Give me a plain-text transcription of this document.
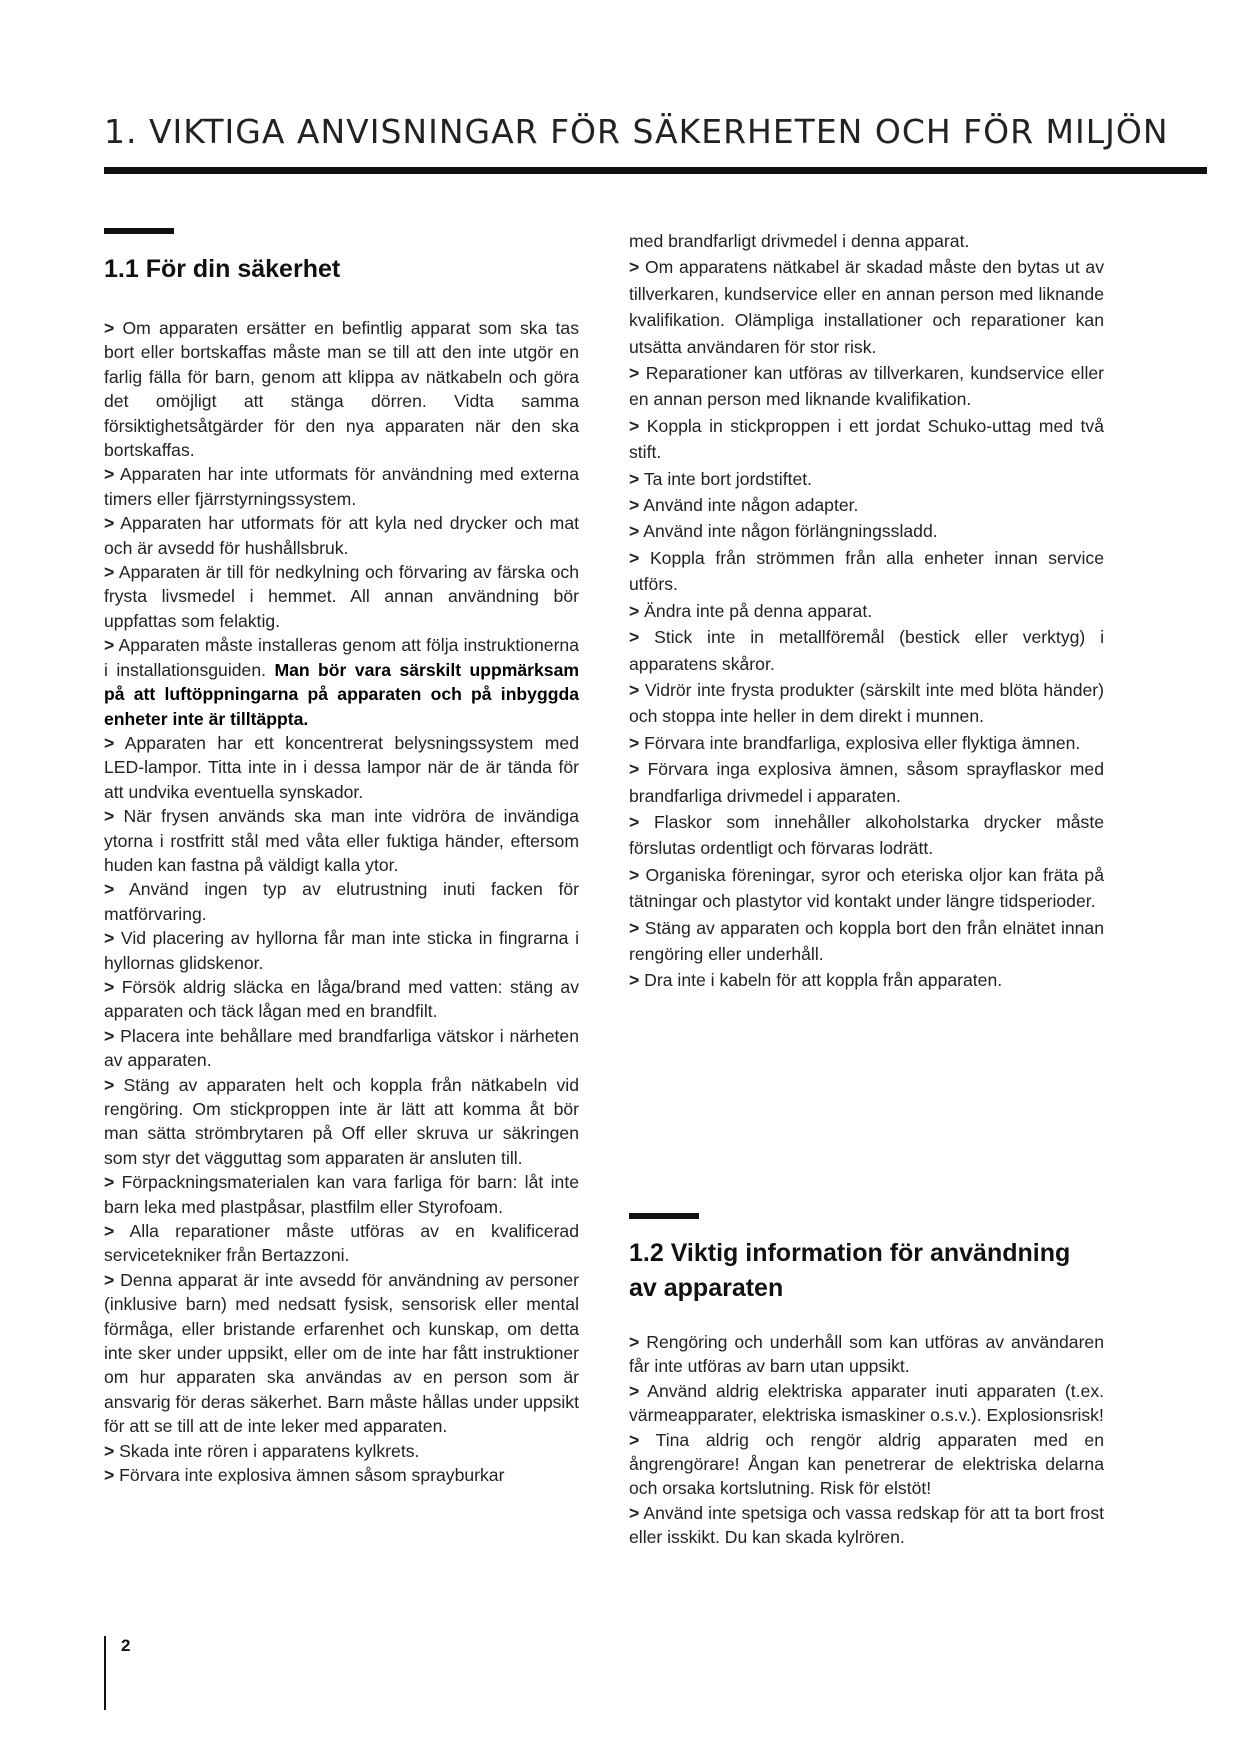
1. VIKTIGA ANVISNINGAR FÖR SÄKERHETEN OCH FÖR MILJÖN
1.1 För din säkerhet
> Om apparaten ersätter en befintlig apparat som ska tas bort eller bortskaffas måste man se till att den inte utgör en farlig fälla för barn, genom att klippa av nätkabeln och göra det omöjligt att stänga dörren. Vidta samma försiktighetsåtgärder för den nya apparaten när den ska bortskaffas.
> Apparaten har inte utformats för användning med externa timers eller fjärrstyrningssystem.
> Apparaten har utformats för att kyla ned drycker och mat och är avsedd för hushållsbruk.
> Apparaten är till för nedkylning och förvaring av färska och frysta livsmedel i hemmet. All annan användning bör uppfattas som felaktig.
> Apparaten måste installeras genom att följa instruktionerna i installationsguiden. Man bör vara särskilt uppmärksam på att luftöppningarna på apparaten och på inbyggda enheter inte är tilltäppta.
> Apparaten har ett koncentrerat belysningssystem med LED-lampor. Titta inte in i dessa lampor när de är tända för att undvika eventuella synskador.
> När frysen används ska man inte vidröra de invändiga ytorna i rostfritt stål med våta eller fuktiga händer, eftersom huden kan fastna på väldigt kalla ytor.
> Använd ingen typ av elutrustning inuti facken för matförvaring.
> Vid placering av hyllorna får man inte sticka in fingrarna i hyllornas glidskenor.
> Försök aldrig släcka en låga/brand med vatten: stäng av apparaten och täck lågan med en brandfilt.
> Placera inte behållare med brandfarliga vätskor i närheten av apparaten.
> Stäng av apparaten helt och koppla från nätkabeln vid rengöring. Om stickproppen inte är lätt att komma åt bör man sätta strömbrytaren på Off eller skruva ur säkringen som styr det vägguttag som apparaten är ansluten till.
> Förpackningsmaterialen kan vara farliga för barn: låt inte barn leka med plastpåsar, plastfilm eller Styrofoam.
> Alla reparationer måste utföras av en kvalificerad servicetekniker från Bertazzoni.
> Denna apparat är inte avsedd för användning av personer (inklusive barn) med nedsatt fysisk, sensorisk eller mental förmåga, eller bristande erfarenhet och kunskap, om detta inte sker under uppsikt, eller om de inte har fått instruktioner om hur apparaten ska användas av en person som är ansvarig för deras säkerhet. Barn måste hållas under uppsikt för att se till att de inte leker med apparaten.
> Skada inte rören i apparatens kylkrets.
> Förvara inte explosiva ämnen såsom sprayburkar

med brandfarligt drivmedel i denna apparat.

> Om apparatens nätkabel är skadad måste den bytas ut av tillverkaren, kundservice eller en annan person med liknande kvalifikation. Olämpliga installationer och reparationer kan utsätta användaren för stor risk.
> Reparationer kan utföras av tillverkaren, kundservice eller en annan person med liknande kvalifikation.
> Koppla in stickproppen i ett jordat Schuko-uttag med två stift.
> Ta inte bort jordstiftet.
> Använd inte någon adapter.
> Använd inte någon förlängningssladd.
> Koppla från strömmen från alla enheter innan service utförs.
> Ändra inte på denna apparat.
> Stick inte in metallföremål (bestick eller verktyg) i apparatens skåror.
> Vidrör inte frysta produkter (särskilt inte med blöta händer) och stoppa inte heller in dem direkt i munnen.
> Förvara inte brandfarliga, explosiva eller flyktiga ämnen.
> Förvara inga explosiva ämnen, såsom sprayflaskor med brandfarliga drivmedel i apparaten.
> Flaskor som innehåller alkoholstarka drycker måste förslutas ordentligt och förvaras lodrätt.
> Organiska föreningar, syror och eteriska oljor kan fräta på tätningar och plastytor vid kontakt under längre tidsperioder.
> Stäng av apparaten och koppla bort den från elnätet innan rengöring eller underhåll.
> Dra inte i kabeln för att koppla från apparaten.
1.2 Viktig information för användning av apparaten
> Rengöring och underhåll som kan utföras av användaren får inte utföras av barn utan uppsikt.
> Använd aldrig elektriska apparater inuti apparaten (t.ex. värmeapparater, elektriska ismaskiner o.s.v.). Explosionsrisk!
> Tina aldrig och rengör aldrig apparaten med en ångrengörare! Ångan kan penetrerar de elektriska delarna och orsaka kortslutning. Risk för elstöt!
> Använd inte spetsiga och vassa redskap för att ta bort frost eller isskikt. Du kan skada kylrören.

2
